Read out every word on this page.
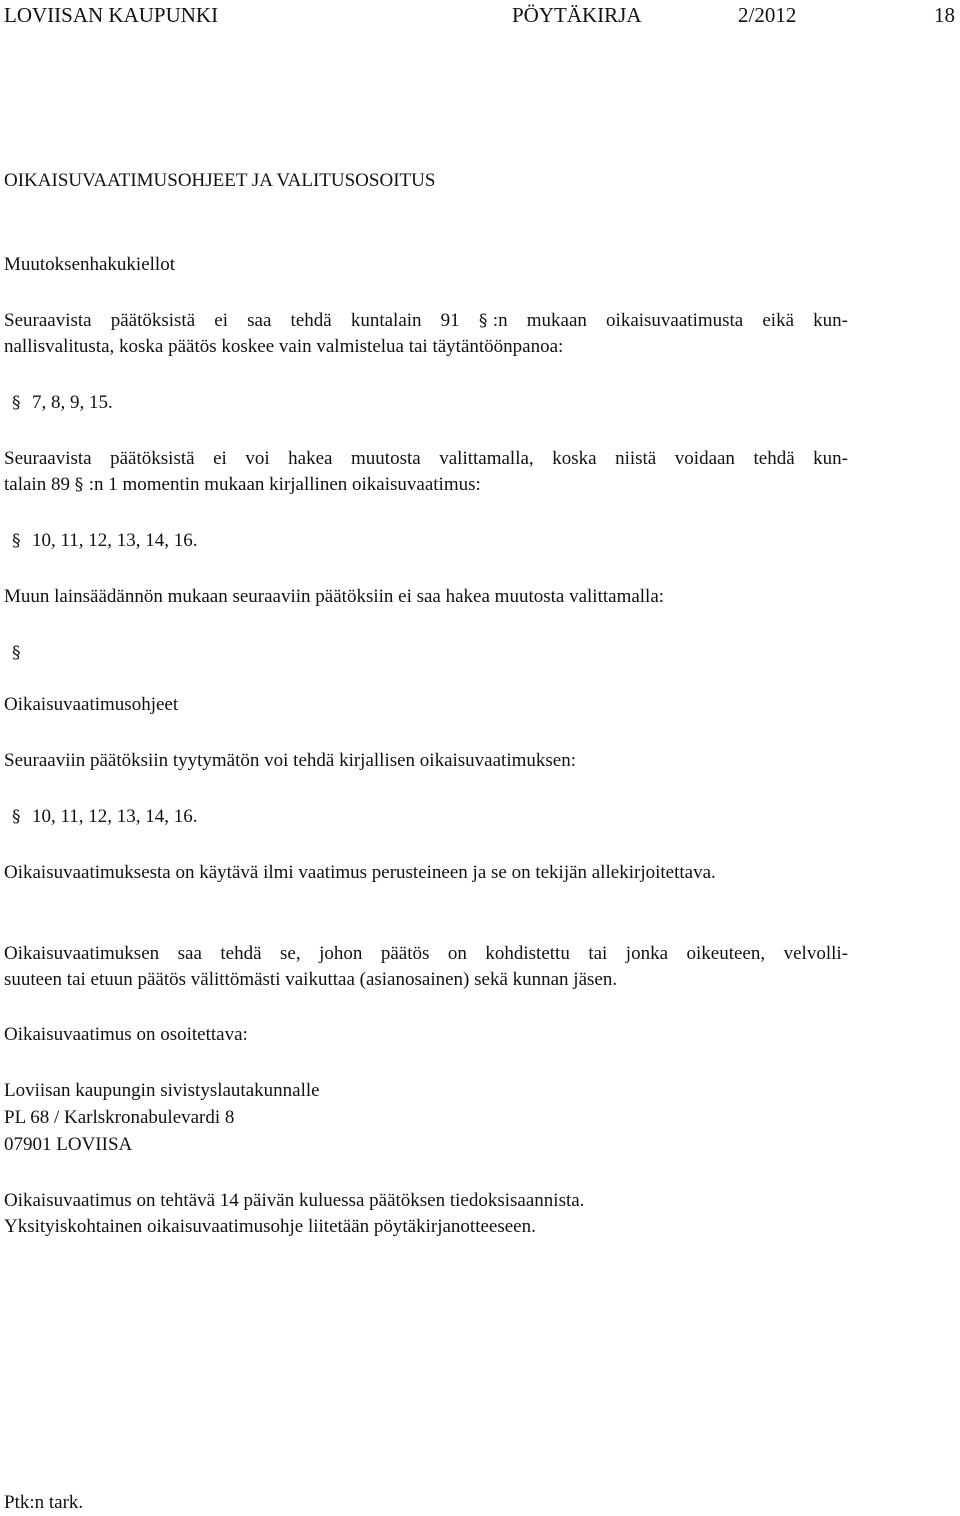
LOVIISAN KAUPUNKI	PÖYTÄKIRJA	2/2012	18
OIKAISUVAATIMUSOHJEET JA VALITUSOSOITUS
Muutoksenhakukiellot
Seuraavista päätöksistä ei saa tehdä kuntalain 91 § :n mukaan oikaisuvaatimusta eikä kun-
nallisvalitusta, koska päätös koskee vain valmistelua tai täytäntöönpanoa:
§ 7, 8, 9, 15.
Seuraavista päätöksistä ei voi hakea muutosta valittamalla, koska niistä voidaan tehdä kun-
talain 89 § :n 1 momentin mukaan kirjallinen oikaisuvaatimus:
§ 10, 11, 12, 13, 14, 16.
Muun lainsäädännön mukaan seuraaviin päätöksiin ei saa hakea muutosta valittamalla:
§
Oikaisuvaatimusohjeet
Seuraaviin päätöksiin tyytymätön voi tehdä kirjallisen oikaisuvaatimuksen:
§ 10, 11, 12, 13, 14, 16.
Oikaisuvaatimuksesta on käytävä ilmi vaatimus perusteineen ja se on tekijän allekirjoitettava.
Oikaisuvaatimuksen saa tehdä se, johon päätös on kohdistettu tai jonka oikeuteen, velvolli-
suuteen tai etuun päätös välittömästi vaikuttaa (asianosainen) sekä kunnan jäsen.
Oikaisuvaatimus on osoitettava:
Loviisan kaupungin sivistyslautakunnalle
PL 68 / Karlskronabulevardi 8
07901 LOVIISA
Oikaisuvaatimus on tehtävä 14 päivän kuluessa päätöksen tiedoksisaannista.
Yksityiskohtainen oikaisuvaatimusohje liitetään pöytäkirjanotteeseen.
Ptk:n tark.
